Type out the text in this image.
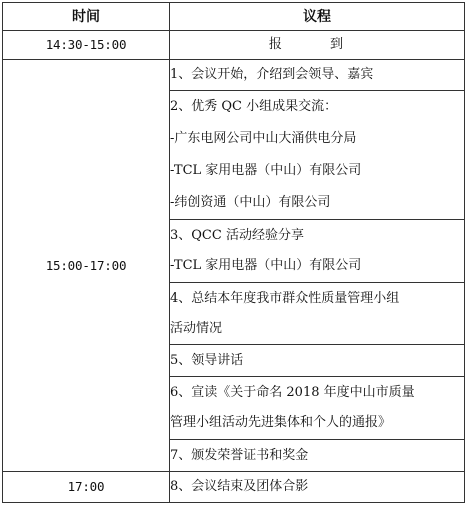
时间	议程
14:30-15:00	报 到

15:00-17:00	1、会议开始，介绍到会领导、嘉宾

	2、优秀 QC 小组成果交流：
-广东电网公司中山大涌供电分局
-TCL 家用电器（中山）有限公司
-纬创资通（中山）有限公司

	3、QCC 活动经验分享
-TCL 家用电器（中山）有限公司

	4、总结本年度我市群众性质量管理小组
活动情况

	5、领导讲话

	6、宣读《关于命名 2018 年度中山市质量
管理小组活动先进集体和个人的通报》

	7、颁发荣誉证书和奖金

17:00	8、会议结束及团体合影
